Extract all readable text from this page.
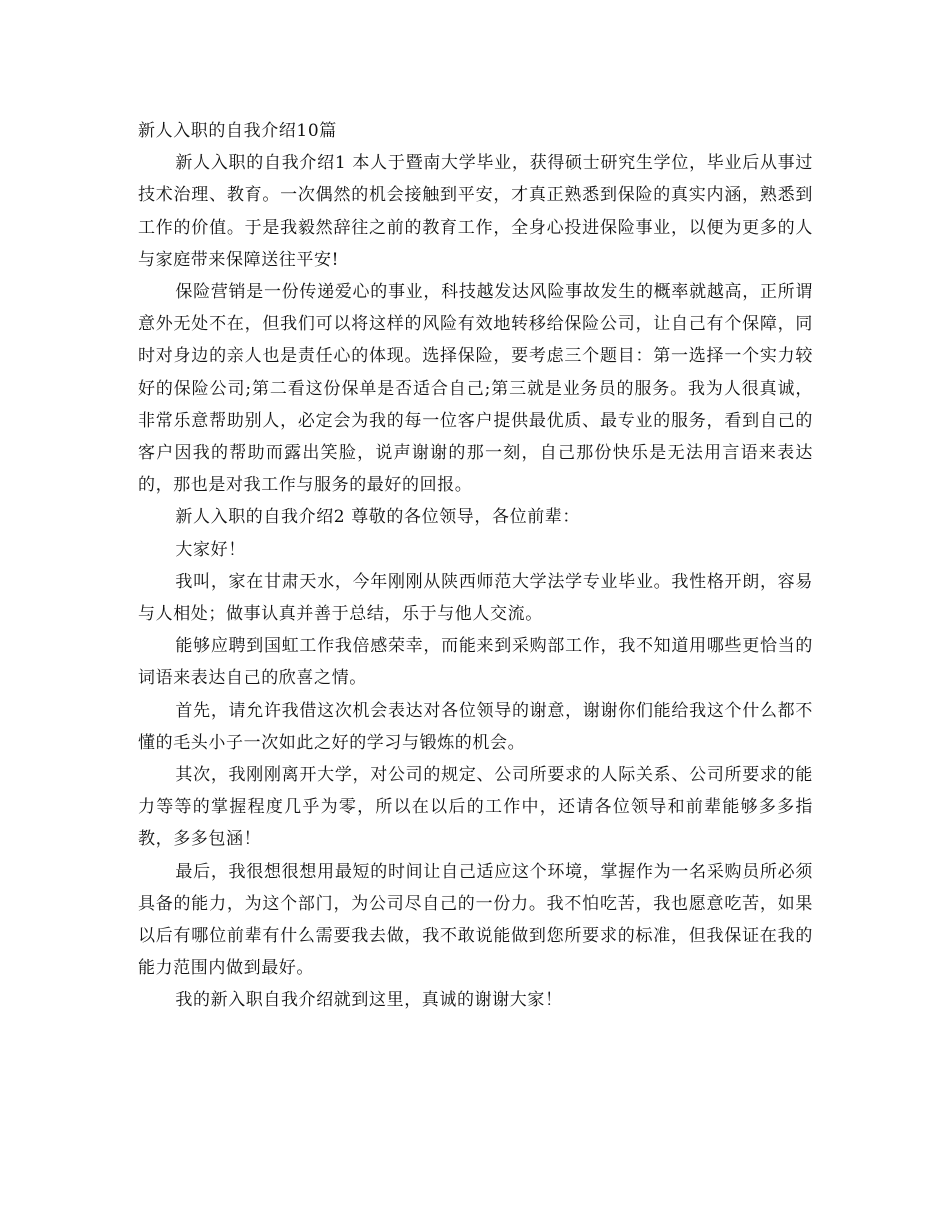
新人入职的自我介绍10篇

新人入职的自我介绍1 本人于暨南大学毕业，获得硕士研究生学位，毕业后从事过技术治理、教育。一次偶然的机会接触到平安，才真正熟悉到保险的真实内涵，熟悉到工作的价值。于是我毅然辞往之前的教育工作，全身心投进保险事业，以便为更多的人与家庭带来保障送往平安!

保险营销是一份传递爱心的事业，科技越发达风险事故发生的概率就越高，正所谓意外无处不在，但我们可以将这样的风险有效地转移给保险公司，让自己有个保障，同时对身边的亲人也是责任心的体现。选择保险，要考虑三个题目：第一选择一个实力较好的保险公司;第二看这份保单是否适合自己;第三就是业务员的服务。我为人很真诚，非常乐意帮助别人，必定会为我的每一位客户提供最优质、最专业的服务，看到自己的客户因我的帮助而露出笑脸，说声谢谢的那一刻，自己那份快乐是无法用言语来表达的，那也是对我工作与服务的最好的回报。

新人入职的自我介绍2 尊敬的各位领导，各位前辈：

大家好！

我叫，家在甘肃天水，今年刚刚从陕西师范大学法学专业毕业。我性格开朗，容易与人相处；做事认真并善于总结，乐于与他人交流。

能够应聘到国虹工作我倍感荣幸，而能来到采购部工作，我不知道用哪些更恰当的词语来表达自己的欣喜之情。

首先，请允许我借这次机会表达对各位领导的谢意，谢谢你们能给我这个什么都不懂的毛头小子一次如此之好的学习与锻炼的机会。

其次，我刚刚离开大学，对公司的规定、公司所要求的人际关系、公司所要求的能力等等的掌握程度几乎为零，所以在以后的工作中，还请各位领导和前辈能够多多指教，多多包涵！

最后，我很想很想用最短的时间让自己适应这个环境，掌握作为一名采购员所必须具备的能力，为这个部门，为公司尽自己的一份力。我不怕吃苦，我也愿意吃苦，如果以后有哪位前辈有什么需要我去做，我不敢说能做到您所要求的标准，但我保证在我的能力范围内做到最好。

我的新入职自我介绍就到这里，真诚的谢谢大家！
